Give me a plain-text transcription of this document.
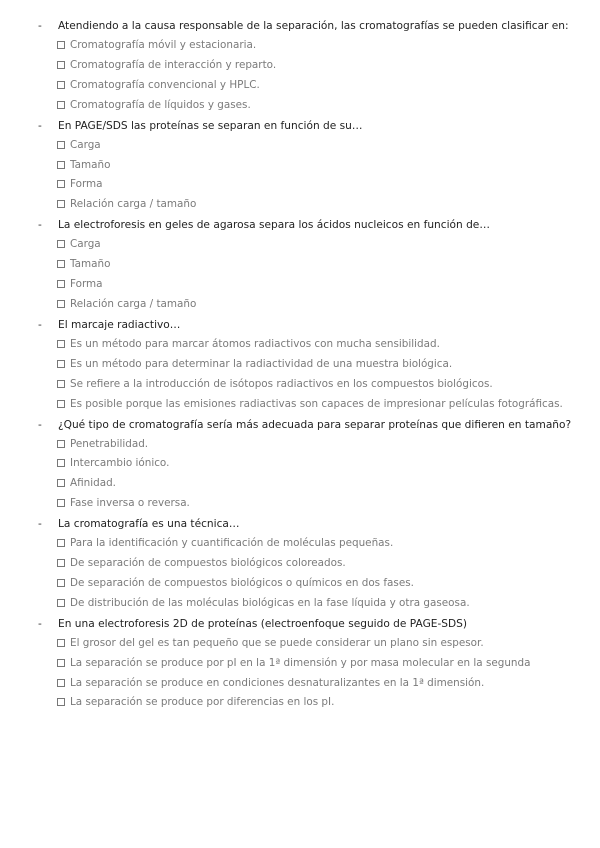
-	Atendiendo a la causa responsable de la separación, las cromatografías se pueden clasificar en:
Cromatografía móvil y estacionaria.
Cromatografía de interacción y reparto.
Cromatografía convencional y HPLC.
Cromatografía de líquidos y gases.
-	En PAGE/SDS las proteínas se separan en función de su…
Carga
Tamaño
Forma
Relación carga / tamaño
-	La electroforesis en geles de agarosa separa los ácidos nucleicos en función de…
Carga
Tamaño
Forma
Relación carga / tamaño
-	El marcaje radiactivo…
Es un método para marcar átomos radiactivos con mucha sensibilidad.
Es un método para determinar la radiactividad de una muestra biológica.
Se refiere a la introducción de isótopos radiactivos en los compuestos biológicos.
Es posible porque las emisiones radiactivas son capaces de impresionar películas fotográficas.
-	¿Qué tipo de cromatografía sería más adecuada para separar proteínas que difieren en tamaño?
Penetrabilidad.
Intercambio iónico.
Afinidad.
Fase inversa o reversa.
-	La cromatografía es una técnica…
Para la identificación y cuantificación de moléculas pequeñas.
De separación de compuestos biológicos coloreados.
De separación de compuestos biológicos o químicos en dos fases.
De distribución de las moléculas biológicas en la fase líquida y otra gaseosa.
-	En una electroforesis 2D de proteínas (electroenfoque seguido de PAGE-SDS)
El grosor del gel es tan pequeño que se puede considerar un plano sin espesor.
La separación se produce por pI en la 1ª dimensión y por masa molecular en la segunda
La separación se produce en condiciones desnaturalizantes en la 1ª dimensión.
La separación se produce por diferencias en los pI.
